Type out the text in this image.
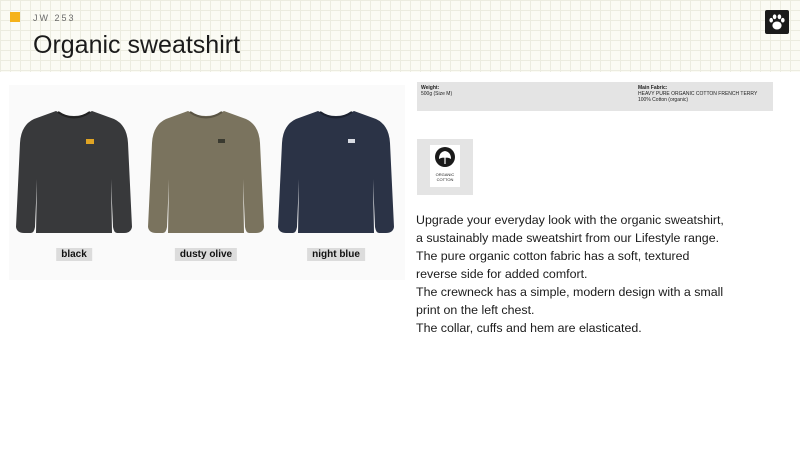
JW 253
Organic sweatshirt
black	dusty olive	night blue
Weight:
500g (Size M)
Main Fabric:
HEAVY PURE ORGANIC COTTON FRENCH TERRY
100% Cotton (organic)
ORGANIC
COTTON
Upgrade your everyday look with the organic sweatshirt,
a sustainably made sweatshirt from our Lifestyle range.
The pure organic cotton fabric has a soft, textured
reverse side for added comfort.
The crewneck has a simple, modern design with a small
print on the left chest.
The collar, cuffs and hem are elasticated.
